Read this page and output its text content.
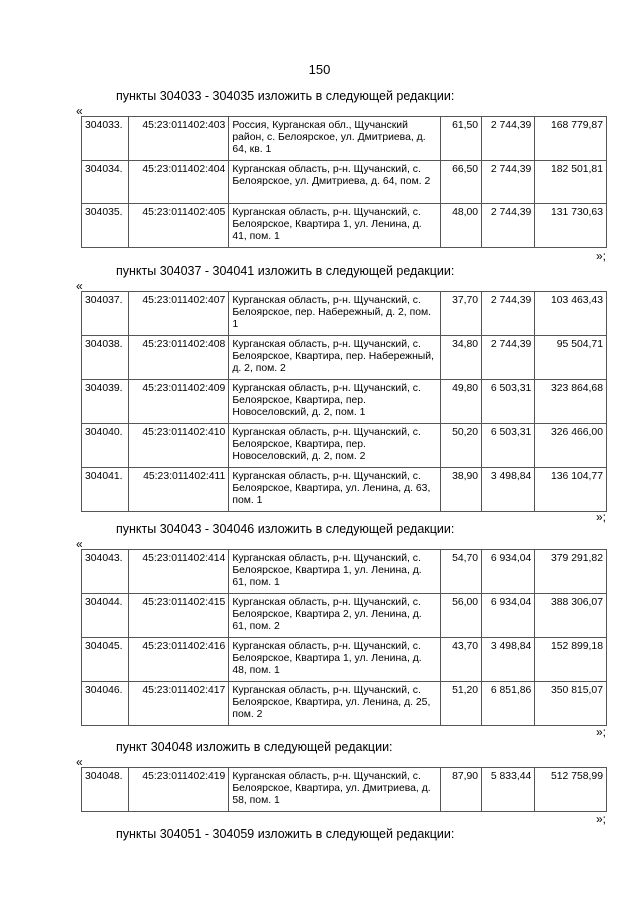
150
пункты 304033 - 304035 изложить в следующей редакции:
«
304033.	45:23:011402:403	Россия, Курганская обл., Щучанский район, с. Белоярское, ул. Дмитриева, д. 64, кв. 1	61,50	2 744,39	168 779,87
304034.	45:23:011402:404	Курганская область, р-н. Щучанский, с. Белоярское, ул. Дмитриева, д. 64, пом. 2	66,50	2 744,39	182 501,81
304035.	45:23:011402:405	Курганская область, р-н. Щучанский, с. Белоярское, Квартира 1, ул. Ленина, д. 41, пом. 1	48,00	2 744,39	131 730,63
»;
пункты 304037 - 304041 изложить в следующей редакции:
«
304037.	45:23:011402:407	Курганская область, р-н. Щучанский, с. Белоярское, пер. Набережный, д. 2, пом. 1	37,70	2 744,39	103 463,43
304038.	45:23:011402:408	Курганская область, р-н. Щучанский, с. Белоярское, Квартира, пер. Набережный, д. 2, пом. 2	34,80	2 744,39	95 504,71
304039.	45:23:011402:409	Курганская область, р-н. Щучанский, с. Белоярское, Квартира, пер. Новоселовский, д. 2, пом. 1	49,80	6 503,31	323 864,68
304040.	45:23:011402:410	Курганская область, р-н. Щучанский, с. Белоярское, Квартира, пер. Новоселовский, д. 2, пом. 2	50,20	6 503,31	326 466,00
304041.	45:23:011402:411	Курганская область, р-н. Щучанский, с. Белоярское, Квартира, ул. Ленина, д. 63, пом. 1	38,90	3 498,84	136 104,77
»;
пункты 304043 - 304046 изложить в следующей редакции:
«
304043.	45:23:011402:414	Курганская область, р-н. Щучанский, с. Белоярское, Квартира 1, ул. Ленина, д. 61, пом. 1	54,70	6 934,04	379 291,82
304044.	45:23:011402:415	Курганская область, р-н. Щучанский, с. Белоярское, Квартира 2, ул. Ленина, д. 61, пом. 2	56,00	6 934,04	388 306,07
304045.	45:23:011402:416	Курганская область, р-н. Щучанский, с. Белоярское, Квартира 1, ул. Ленина, д. 48, пом. 1	43,70	3 498,84	152 899,18
304046.	45:23:011402:417	Курганская область, р-н. Щучанский, с. Белоярское, Квартира, ул. Ленина, д. 25, пом. 2	51,20	6 851,86	350 815,07
»;
пункт 304048 изложить в следующей редакции:
«
304048.	45:23:011402:419	Курганская область, р-н. Щучанский, с. Белоярское, Квартира, ул. Дмитриева, д. 58, пом. 1	87,90	5 833,44	512 758,99
»;
пункты 304051 - 304059 изложить в следующей редакции:
